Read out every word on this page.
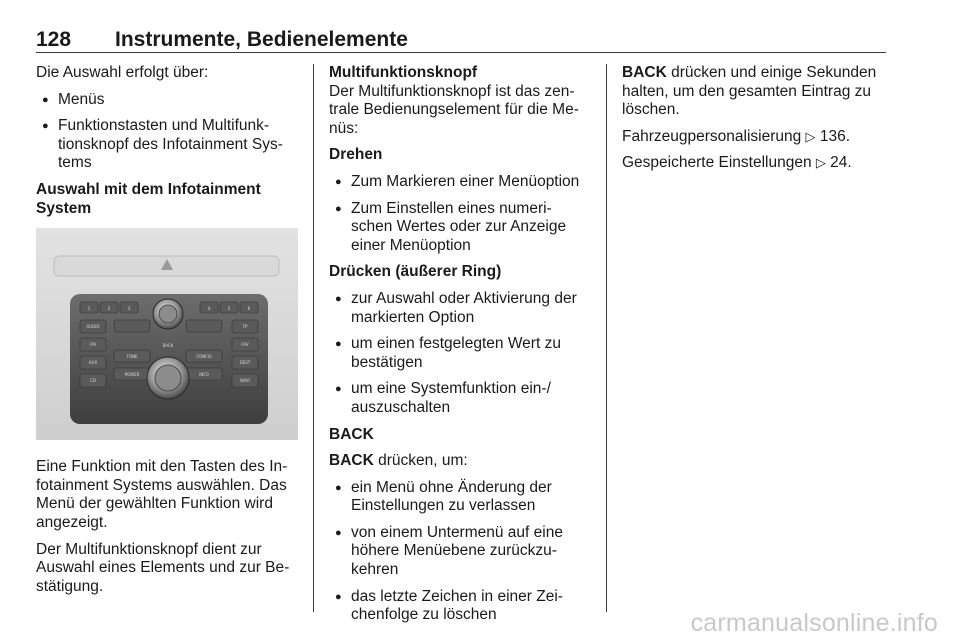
128 Instrumente, Bedienelemente

Die Auswahl erfolgt über:

● Menüs
● Funktionstasten und Multifunk-tionsknopf des Infotainment Sys-tems

Auswahl mit dem Infotainment System

1	2	3	4	5	6
AUDIO
FM
AUX
CD
TP
FAV
DEST
NAVI
TONE	CONFIG
POWER	INFO
BACK

Eine Funktion mit den Tasten des In-fotainment Systems auswählen. Das Menü der gewählten Funktion wird angezeigt.

Der Multifunktionsknopf dient zur Auswahl eines Elements und zur Be-stätigung.

Multifunktionsknopf

Der Multifunktionsknopf ist das zen-trale Bedienungselement für die Me-nüs:

Drehen

● Zum Markieren einer Menüoption
● Zum Einstellen eines numeri-schen Wertes oder zur Anzeige einer Menüoption

Drücken (äußerer Ring)

● zur Auswahl oder Aktivierung der markierten Option
● um einen festgelegten Wert zu bestätigen
● um eine Systemfunktion ein-/ auszuschalten

BACK

BACK drücken, um:

● ein Menü ohne Änderung der Einstellungen zu verlassen
● von einem Untermenü auf eine höhere Menüebene zurückzu-kehren
● das letzte Zeichen in einer Zei-chenfolge zu löschen

BACK drücken und einige Sekunden halten, um den gesamten Eintrag zu löschen.

Fahrzeugpersonalisierung ▷ 136.

Gespeicherte Einstellungen ▷ 24.

carmanualsonline.info
